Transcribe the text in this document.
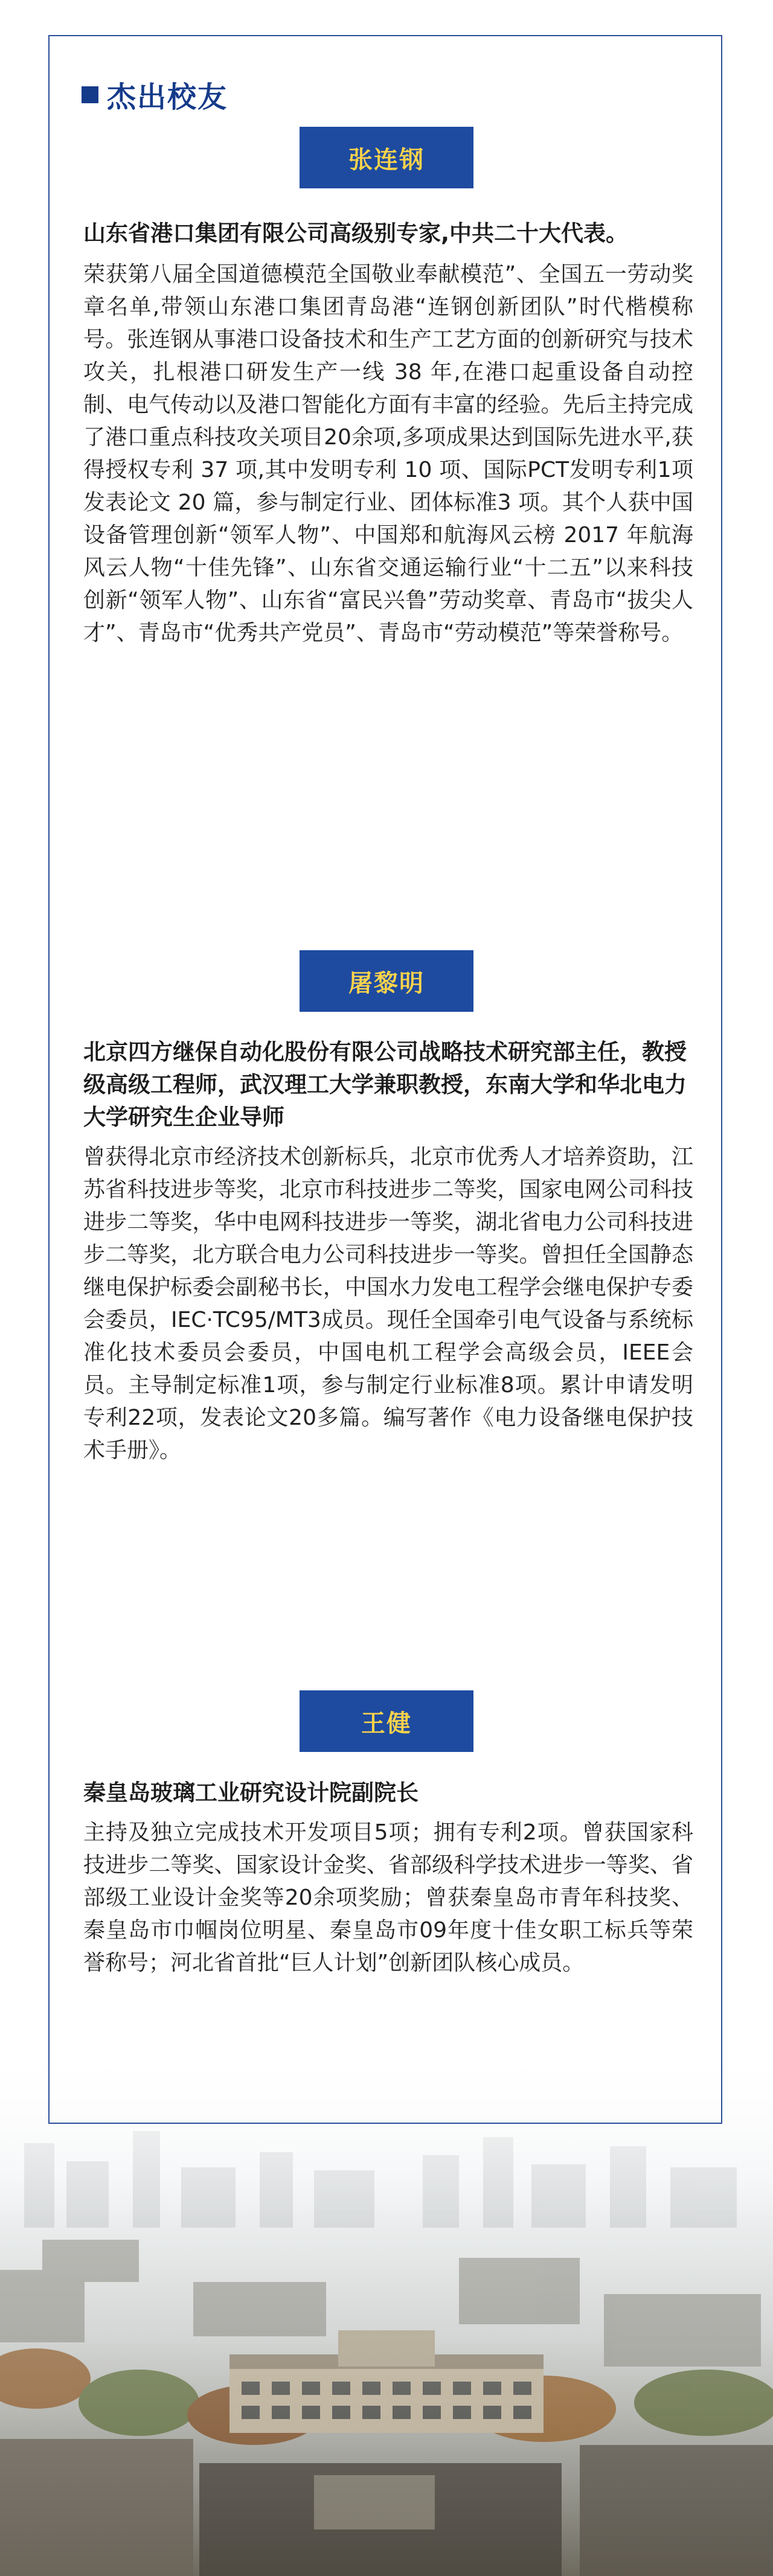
杰出校友
张连钢
山东省港口集团有限公司高级别专家,中共二十大代表。
荣获第八届全国道德模范全国敬业奉献模范”、全国五一劳动奖章名单,带领山东港口集团青岛港“连钢创新团队”时代楷模称号。张连钢从事港口设备技术和生产工艺方面的创新研究与技术攻关，扎根港口研发生产一线 38 年,在港口起重设备自动控制、电气传动以及港口智能化方面有丰富的经验。先后主持完成了港口重点科技攻关项目20余项,多项成果达到国际先进水平,获得授权专利 37 项,其中发明专利 10 项、国际PCT发明专利1项发表论文 20 篇，参与制定行业、团体标准3 项。其个人获中国设备管理创新“领军人物”、中国郑和航海风云榜 2017 年航海风云人物“十佳先锋”、山东省交通运输行业“十二五”以来科技创新“领军人物”、山东省“富民兴鲁”劳动奖章、青岛市“拔尖人才”、青岛市“优秀共产党员”、青岛市“劳动模范”等荣誉称号。
屠黎明
北京四方继保自动化股份有限公司战略技术研究部主任，教授级高级工程师，武汉理工大学兼职教授，东南大学和华北电力大学研究生企业导师
曾获得北京市经济技术创新标兵，北京市优秀人才培养资助，江苏省科技进步等奖，北京市科技进步二等奖，国家电网公司科技进步二等奖，华中电网科技进步一等奖，湖北省电力公司科技进步二等奖，北方联合电力公司科技进步一等奖。曾担任全国静态继电保护标委会副秘书长，中国水力发电工程学会继电保护专委会委员，IEC·TC95/MT3成员。现任全国牵引电气设备与系统标准化技术委员会委员，中国电机工程学会高级会员，IEEE会员。主导制定标准1项，参与制定行业标准8项。累计申请发明专利22项，发表论文20多篇。编写著作《电力设备继电保护技术手册》。
王健
秦皇岛玻璃工业研究设计院副院长
主持及独立完成技术开发项目5项；拥有专利2项。曾获国家科技进步二等奖、国家设计金奖、省部级科学技术进步一等奖、省部级工业设计金奖等20余项奖励；曾获秦皇岛市青年科技奖、秦皇岛市巾帼岗位明星、秦皇岛市09年度十佳女职工标兵等荣誉称号；河北省首批“巨人计划”创新团队核心成员。
